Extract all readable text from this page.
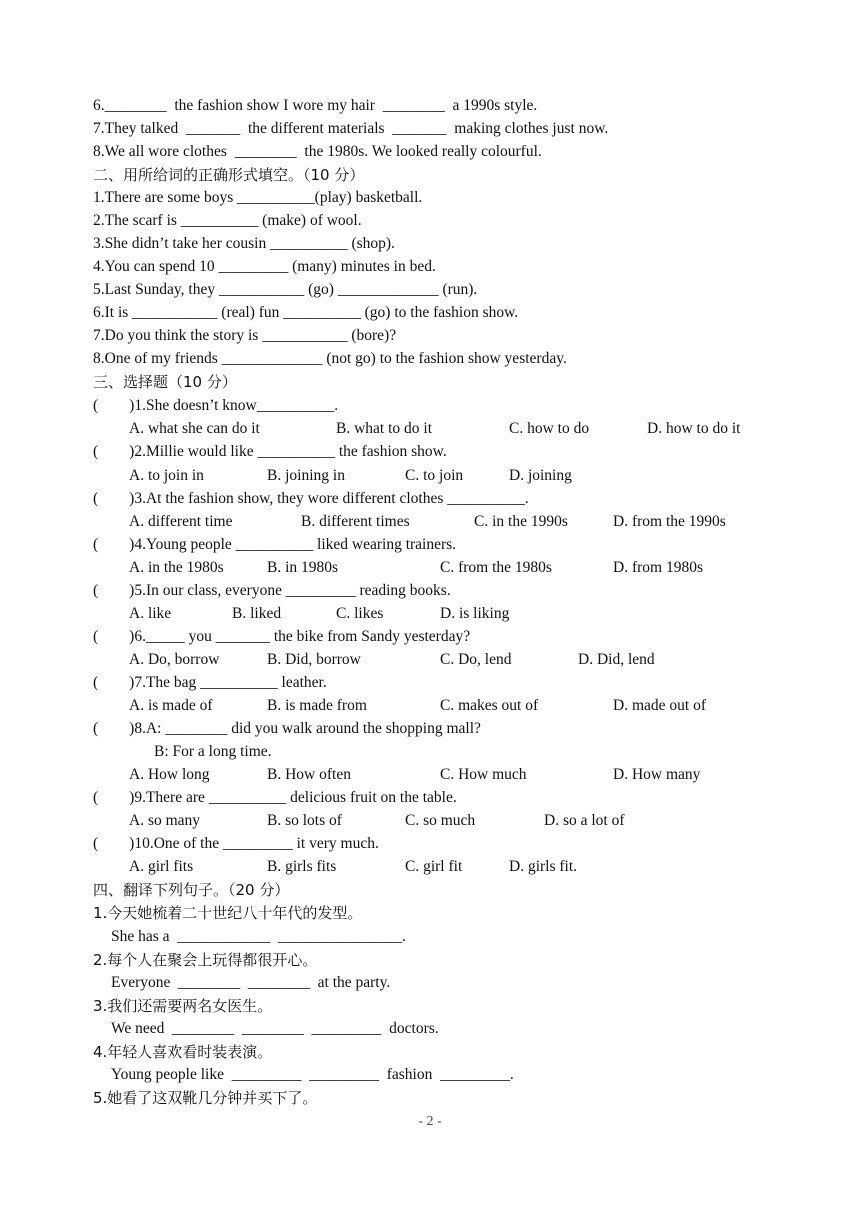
6.________  the fashion show I wore my hair  ________  a 1990s style.
7.They talked  _______  the different materials  _______  making clothes just now.
8.We all wore clothes  ________  the 1980s. We looked really colourful.
二、用所给词的正确形式填空。（10 分）
1.There are some boys __________(play) basketball.
2.The scarf is __________ (make) of wool.
3.She didn’t take her cousin __________ (shop).
4.You can spend 10 _________ (many) minutes in bed.
5.Last Sunday, they ___________ (go) _____________ (run).
6.It is ___________ (real) fun __________ (go) to the fashion show.
7.Do you think the story is ___________ (bore)?
8.One of my friends _____________ (not go) to the fashion show yesterday.
三、选择题（10 分）
(        )1.She doesn’t know__________.
A. what she can do it	B. what to do it	C. how to do	D. how to do it
(        )2.Millie would like __________ the fashion show.
A. to join in	B. joining in	C. to join	D. joining
(        )3.At the fashion show, they wore different clothes __________.
A. different time	B. different times	C. in the 1990s	D. from the 1990s
(        )4.Young people __________ liked wearing trainers.
A. in the 1980s	B. in 1980s	C. from the 1980s	D. from 1980s
(        )5.In our class, everyone _________ reading books.
A. like	B. liked	C. likes	D. is liking
(        )6._____ you _______ the bike from Sandy yesterday?
A. Do, borrow	B. Did, borrow	C. Do, lend	D. Did, lend
(        )7.The bag __________ leather.
A. is made of	B. is made from	C. makes out of	D. made out of
(        )8.A: ________ did you walk around the shopping mall?
B: For a long time.
A. How long	B. How often	C. How much	D. How many
(        )9.There are __________ delicious fruit on the table.
A. so many	B. so lots of	C. so much	D. so a lot of
(        )10.One of the _________ it very much.
A. girl fits	B. girls fits	C. girl fit	D. girls fit.
四、翻译下列句子。（20 分）
1.今天她梳着二十世纪八十年代的发型。
She has a  ____________  ________________.
2.每个人在聚会上玩得都很开心。
Everyone  ________  ________  at the party.
3.我们还需要两名女医生。
We need  ________  ________  _________  doctors.
4.年轻人喜欢看时装表演。
Young people like  _________  _________  fashion  _________.
5.她看了这双靴几分钟并买下了。
- 2 -
